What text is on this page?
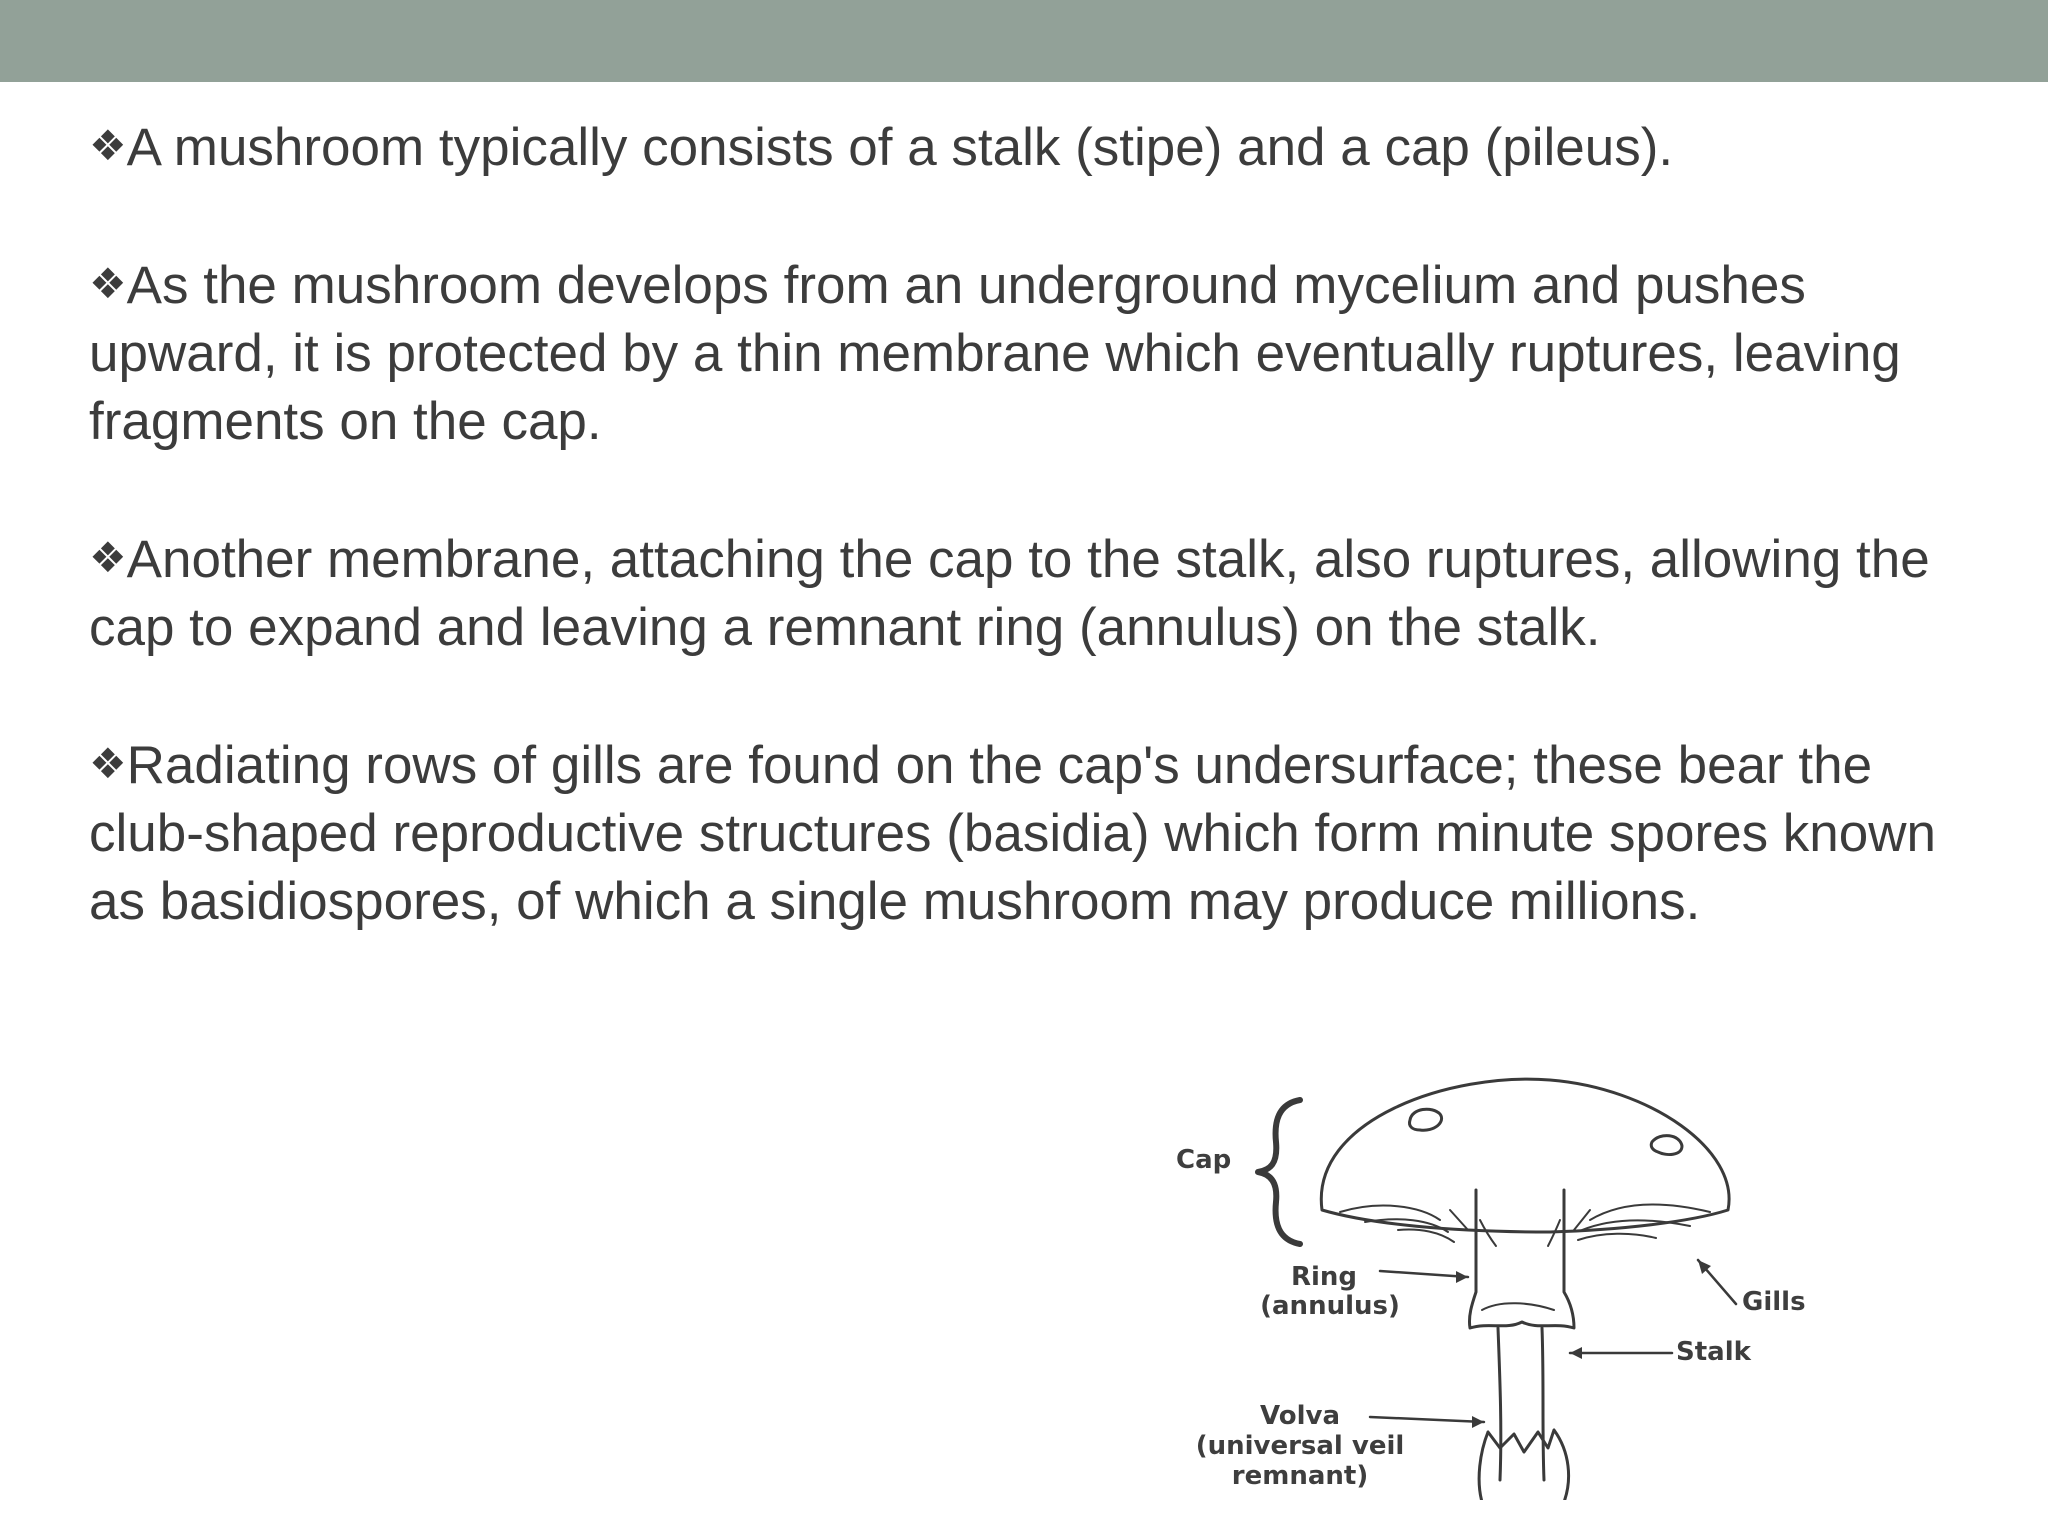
❖A mushroom typically consists of a stalk (stipe) and a cap (pileus).

❖As the mushroom develops from an underground mycelium and pushes upward, it is protected by a thin membrane which eventually ruptures, leaving fragments on the cap.

❖Another membrane, attaching the cap to the stalk, also ruptures, allowing the cap to expand and leaving a remnant ring (annulus) on the stalk.

❖Radiating rows of gills are found on the cap's undersurface; these bear the club-shaped reproductive structures (basidia) which form minute spores known as basidiospores, of which a single mushroom may produce millions.

Cap
Ring
(annulus)	Gills
Stalk
Volva
(universal veil
remnant)
